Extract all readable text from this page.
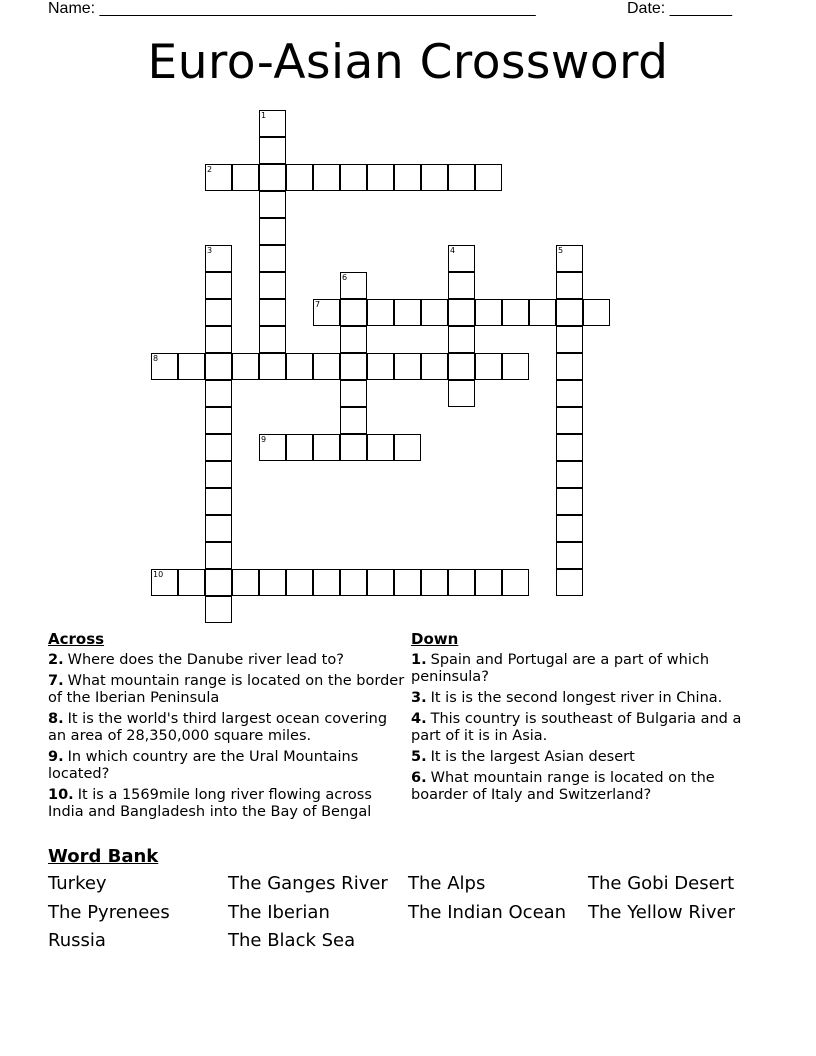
Name: _________________________________________________	Date: _______
Euro-Asian Crossword
1
2
3	4	5
6
7
8
9
10
Across
2. Where does the Danube river lead to?
7. What mountain range is located on the border of the Iberian Peninsula
8. It is the world's third largest ocean covering an area of 28,350,000 square miles.
9. In which country are the Ural Mountains located?
10. It is a 1569mile long river flowing across India and Bangladesh into the Bay of Bengal
Down
1. Spain and Portugal are a part of which peninsula?
3. It is is the second longest river in China.
4. This country is southeast of Bulgaria and a part of it is in Asia.
5. It is the largest Asian desert
6. What mountain range is located on the boarder of Italy and Switzerland?
Word Bank
Turkey	The Ganges River	The Alps	The Gobi Desert
The Pyrenees	The Iberian	The Indian Ocean	The Yellow River
Russia	The Black Sea
